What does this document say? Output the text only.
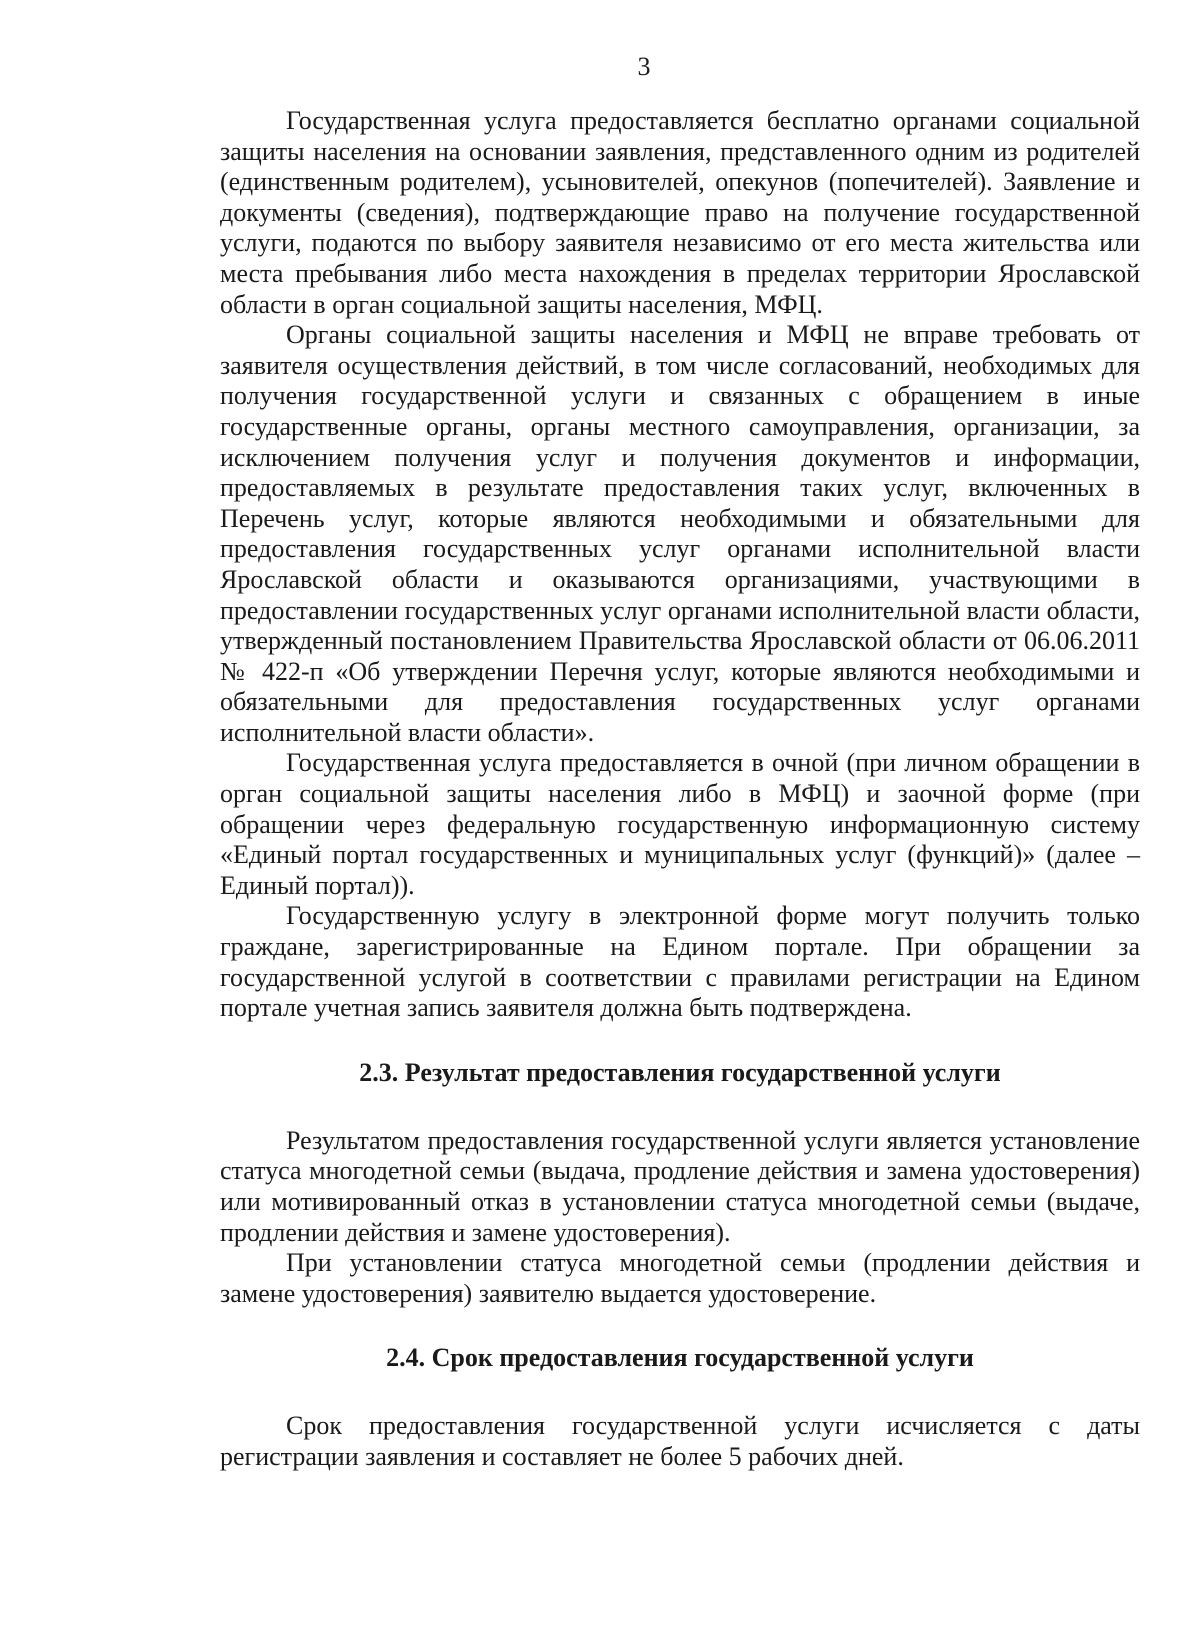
3

Государственная услуга предоставляется бесплатно органами социальной защиты населения на основании заявления, представленного одним из родителей (единственным родителем), усыновителей, опекунов (попечителей). Заявление и документы (сведения), подтверждающие право на получение государственной услуги, подаются по выбору заявителя независимо от его места жительства или места пребывания либо места нахождения в пределах территории Ярославской области в орган социальной защиты населения, МФЦ.

Органы социальной защиты населения и МФЦ не вправе требовать от заявителя осуществления действий, в том числе согласований, необходимых для получения государственной услуги и связанных с обращением в иные государственные органы, органы местного самоуправления, организации, за исключением получения услуг и получения документов и информации, предоставляемых в результате предоставления таких услуг, включенных в Перечень услуг, которые являются необходимыми и обязательными для предоставления государственных услуг органами исполнительной власти Ярославской области и оказываются организациями, участвующими в предоставлении государственных услуг органами исполнительной власти области, утвержденный постановлением Правительства Ярославской области от 06.06.2011 № 422-п «Об утверждении Перечня услуг, которые являются необходимыми и обязательными для предоставления государственных услуг органами исполнительной власти области».

Государственная услуга предоставляется в очной (при личном обращении в орган социальной защиты населения либо в МФЦ) и заочной форме (при обращении через федеральную государственную информационную систему «Единый портал государственных и муниципальных услуг (функций)» (далее – Единый портал)).

Государственную услугу в электронной форме могут получить только граждане, зарегистрированные на Едином портале. При обращении за государственной услугой в соответствии с правилами регистрации на Едином портале учетная запись заявителя должна быть подтверждена.

2.3. Результат предоставления государственной услуги

Результатом предоставления государственной услуги является установление статуса многодетной семьи (выдача, продление действия и замена удостоверения) или мотивированный отказ в установлении статуса многодетной семьи (выдаче, продлении действия и замене удостоверения).

При установлении статуса многодетной семьи (продлении действия и замене удостоверения) заявителю выдается удостоверение.

2.4. Срок предоставления государственной услуги

Срок предоставления государственной услуги исчисляется с даты регистрации заявления и составляет не более 5 рабочих дней.
